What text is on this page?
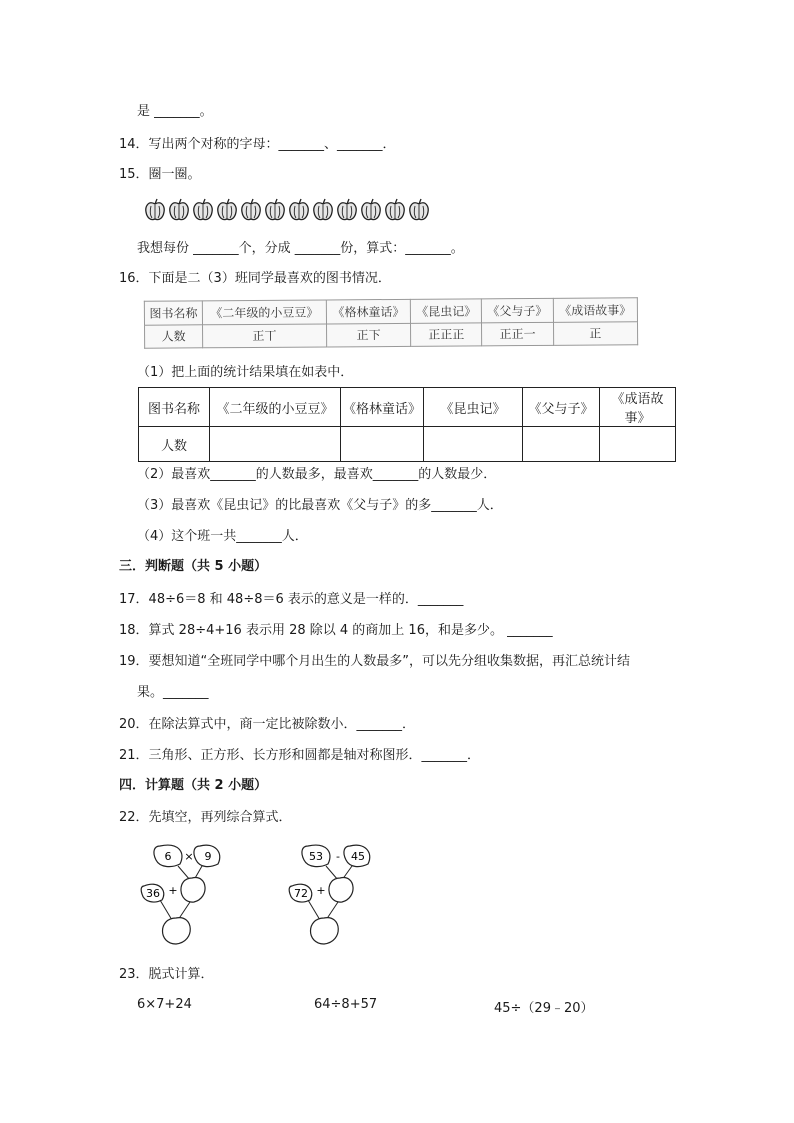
是 _______。
14．写出两个对称的字母：_______、_______．
15．圈一圈。
我想每份 _______个，分成 _______份，算式：_______。
16．下面是二（3）班同学最喜欢的图书情况．
图书名称	《二年级的小豆豆》	《格林童话》	《昆虫记》	《父与子》	《成语故事》
人数	正丅	正下	正正正	正正一	正
（1）把上面的统计结果填在如表中．
图书名称	《二年级的小豆豆》	《格林童话》	《昆虫记》	《父与子》	《成语故事》
人数					
（2）最喜欢_______的人数最多，最喜欢_______的人数最少．
（3）最喜欢《昆虫记》的比最喜欢《父与子》的多_______人．
（4）这个班一共_______人．
三．判断题（共 5 小题）
17．48÷6＝8 和 48÷8＝6 表示的意义是一样的．_______
18．算式 28÷4+16 表示用 28 除以 4 的商加上 16，和是多少。 _______
19．要想知道“全班同学中哪个月出生的人数最多”，可以先分组收集数据，再汇总统计结
果。_______
20．在除法算式中，商一定比被除数小．_______．
21．三角形、正方形、长方形和圆都是轴对称图形．_______．
四．计算题（共 2 小题）
22．先填空，再列综合算式．
6 × 9
36 +
53 - 45
72 +
23．脱式计算．
6×7+24	64÷8+57	45÷（29﹣20）
